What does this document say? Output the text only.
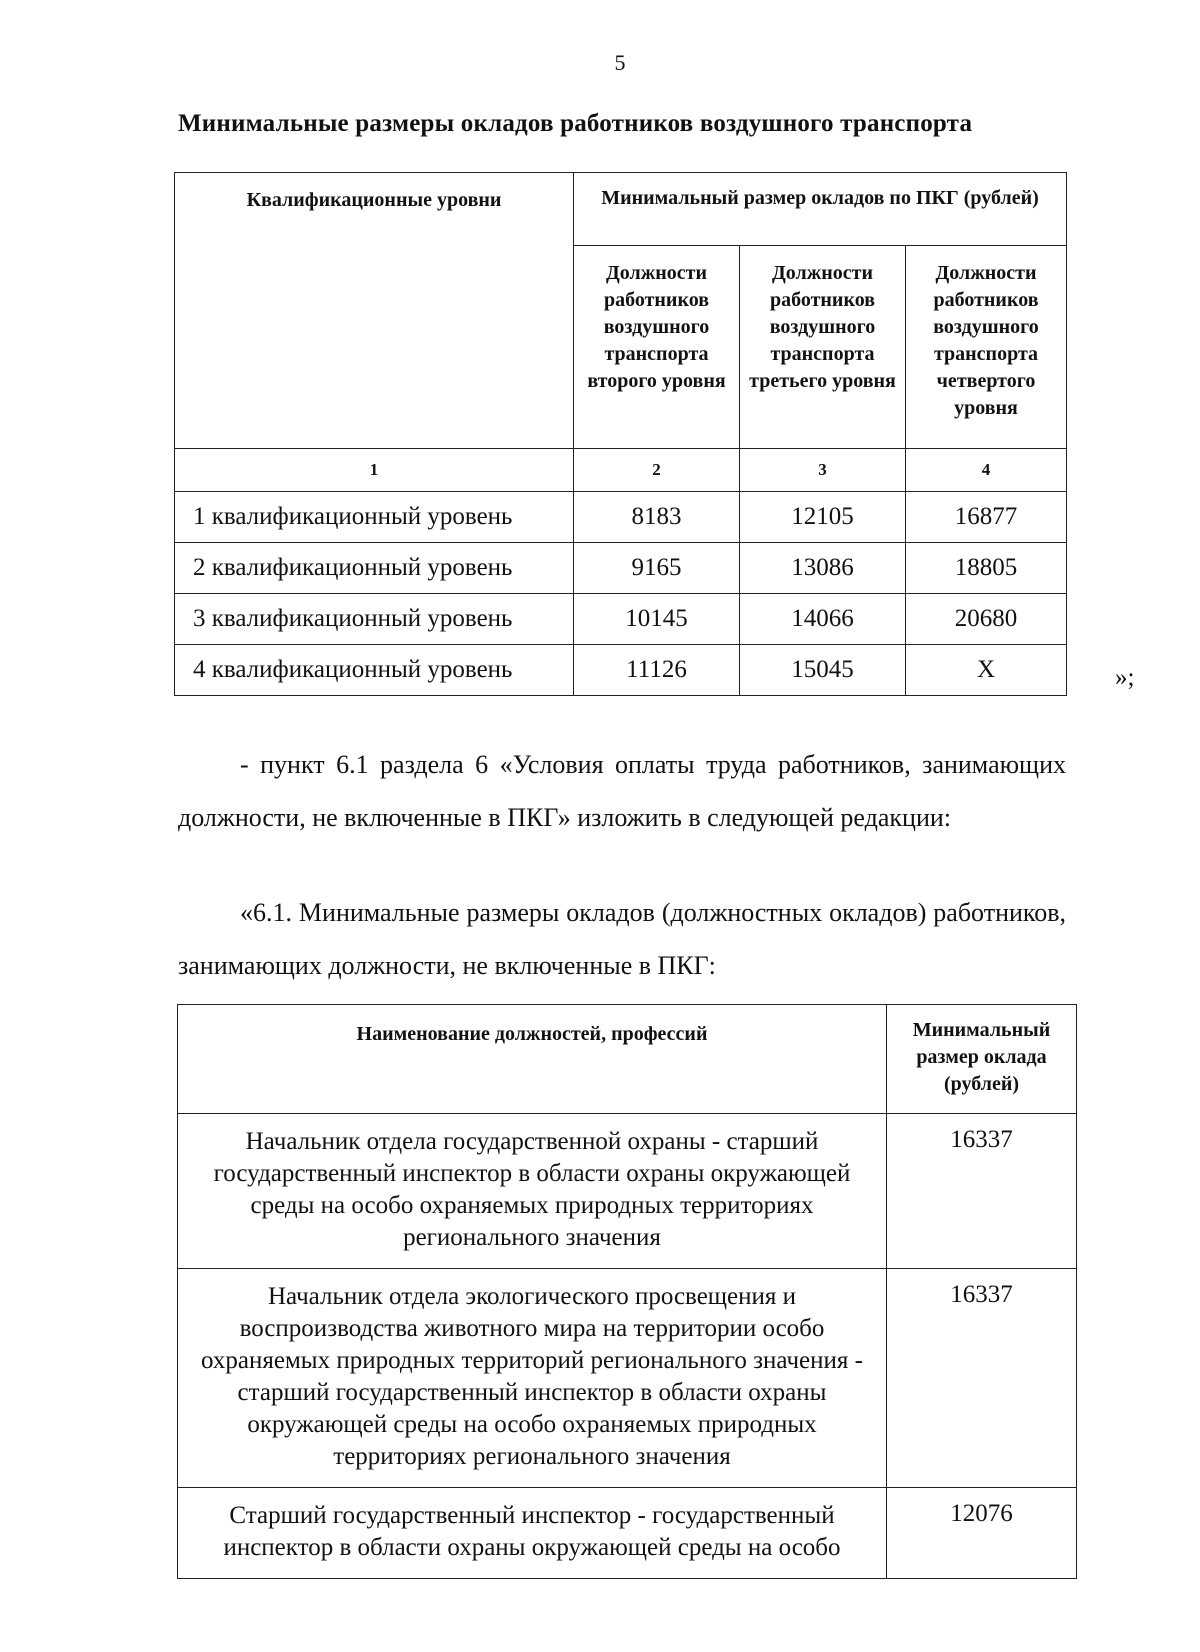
5
Минимальные размеры окладов работников воздушного транспорта
Квалификационные уровни	Минимальный размер окладов по ПКГ (рублей)		
	Должности работников воздушного транспорта второго уровня	Должности работников воздушного транспорта третьего уровня	Должности работников воздушного транспорта четвертого уровня
1	2	3	4
1 квалификационный уровень	8183	12105	16877
2 квалификационный уровень	9165	13086	18805
3 квалификационный уровень	10145	14066	20680
4 квалификационный уровень	11126	15045	X	»;
- пункт 6.1 раздела 6 «Условия оплаты труда работников, занимающих должности, не включенные в ПКГ» изложить в следующей редакции:
«6.1. Минимальные размеры окладов (должностных окладов) работников, занимающих должности, не включенные в ПКГ:
Наименование должностей, профессий	Минимальный размер оклада (рублей)
Начальник отдела государственной охраны - старший государственный инспектор в области охраны окружающей среды на особо охраняемых природных территориях регионального значения	16337
Начальник отдела экологического просвещения и воспроизводства животного мира на территории особо охраняемых природных территорий регионального значения - старший государственный инспектор в области охраны окружающей среды на особо охраняемых природных территориях регионального значения	16337
Старший государственный инспектор - государственный инспектор в области охраны окружающей среды на особо	12076
